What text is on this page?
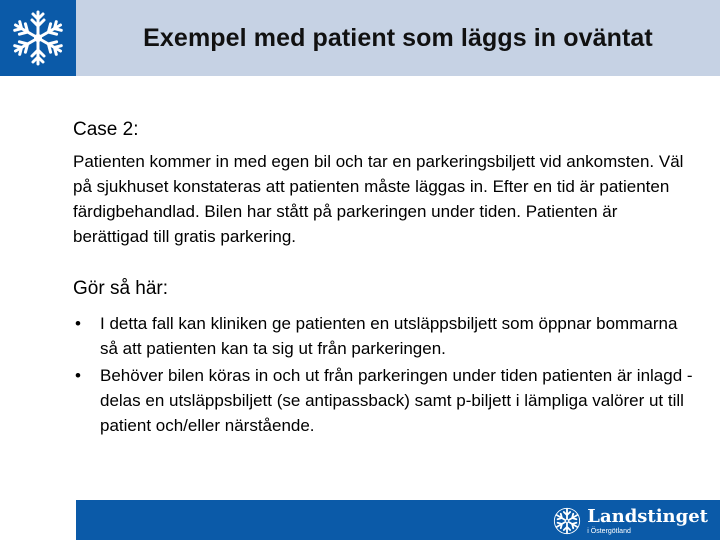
Exempel med patient som läggs in oväntat

Case 2:

Patienten kommer in med egen bil och tar en parkeringsbiljett vid ankomsten. Väl på sjukhuset konstateras att patienten måste läggas in. Efter en tid är patienten färdigbehandlad. Bilen har stått på parkeringen under tiden. Patienten är berättigad till gratis parkering.

Gör så här:

• I detta fall kan kliniken ge patienten en utsläppsbiljett som öppnar bommarna så att patienten kan ta sig ut från parkeringen.
• Behöver bilen köras in och ut från parkeringen under tiden patienten är inlagd - delas en utsläppsbiljett (se antipassback) samt p-biljett i lämpliga valörer ut till patient och/eller närstående.
Landstinget
i Östergötland
